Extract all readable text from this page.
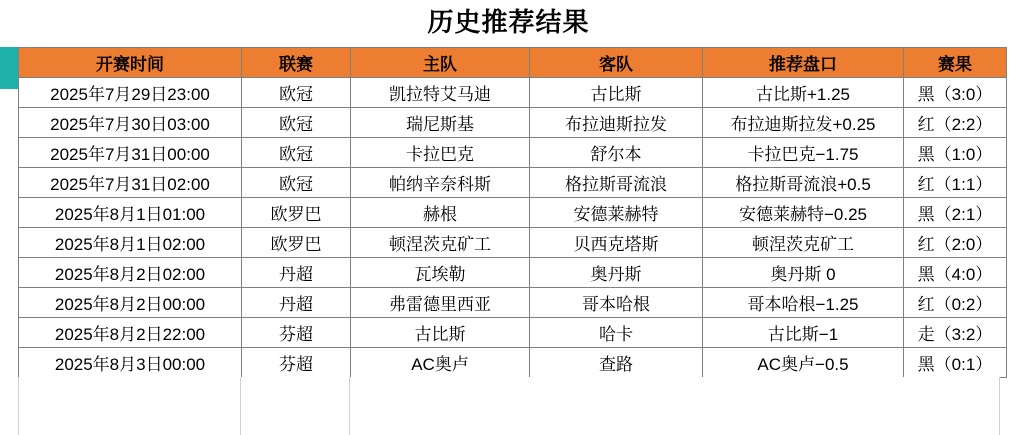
历史推荐结果
开赛时间	联赛	主队	客队	推荐盘口	赛果
2025年7月29日23:00	欧冠	凯拉特艾马迪	古比斯	古比斯+1.25	黑（3:0）
2025年7月30日03:00	欧冠	瑞尼斯基	布拉迪斯拉发	布拉迪斯拉发+0.25	红（2:2）
2025年7月31日00:00	欧冠	卡拉巴克	舒尔本	卡拉巴克−1.75	黑（1:0）
2025年7月31日02:00	欧冠	帕纳辛奈科斯	格拉斯哥流浪	格拉斯哥流浪+0.5	红（1:1）
2025年8月1日01:00	欧罗巴	赫根	安德莱赫特	安德莱赫特−0.25	黑（2:1）
2025年8月1日02:00	欧罗巴	顿涅茨克矿工	贝西克塔斯	顿涅茨克矿工	红（2:0）
2025年8月2日02:00	丹超	瓦埃勒	奥丹斯	奥丹斯 0	黑（4:0）
2025年8月2日00:00	丹超	弗雷德里西亚	哥本哈根	哥本哈根−1.25	红（0:2）
2025年8月2日22:00	芬超	古比斯	哈卡	古比斯−1	走（3:2）
2025年8月3日00:00	芬超	AC奥卢	查路	AC奥卢−0.5	黑（0:1）
